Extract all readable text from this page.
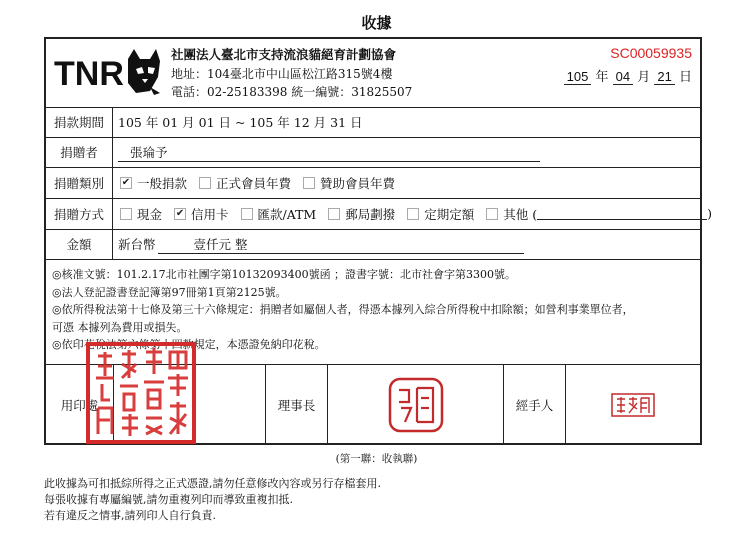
收據
TNR
社團法人臺北市支持流浪貓絕育計劃協會
地址：104臺北市中山區松江路315號4樓
電話：02-25183398 統一編號：31825507
SC00059935
105 年 04 月 21 日
捐款期間	105 年 01 月 01 日 ~ 105 年 12 月 31 日
捐贈者	張𤦎予
捐贈類別	✔ 一般捐款 正式會員年費 贊助會員年費
捐贈方式	現金 ✔ 信用卡 匯款/ATM 郵局劃撥 定期定額 其他 (	)
金額	新台幣	壹仟元 整
◎核准文號：101.2.17北市社團字第10132093400號函 ；證書字號：北市社會字第3300號。
◎法人登記證書登記簿第97冊第1頁第2125號。
◎依所得稅法第十七條及第三十六條規定：捐贈者如屬個人者，得憑本據列入綜合所得稅中扣除額；如營利事業單位者，
可憑 本據列為費用或損失。
◎依印花稅法第六條第十四款規定，本憑證免納印花稅。
用印處	理事長	經手人
(第一聯：收執聯)
此收據為可扣抵綜所得之正式憑證,請勿任意修改內容或另行存檔套用.
每張收據有專屬編號,請勿重複列印而導致重複扣抵.
若有違反之情事,請列印人自行負責.
